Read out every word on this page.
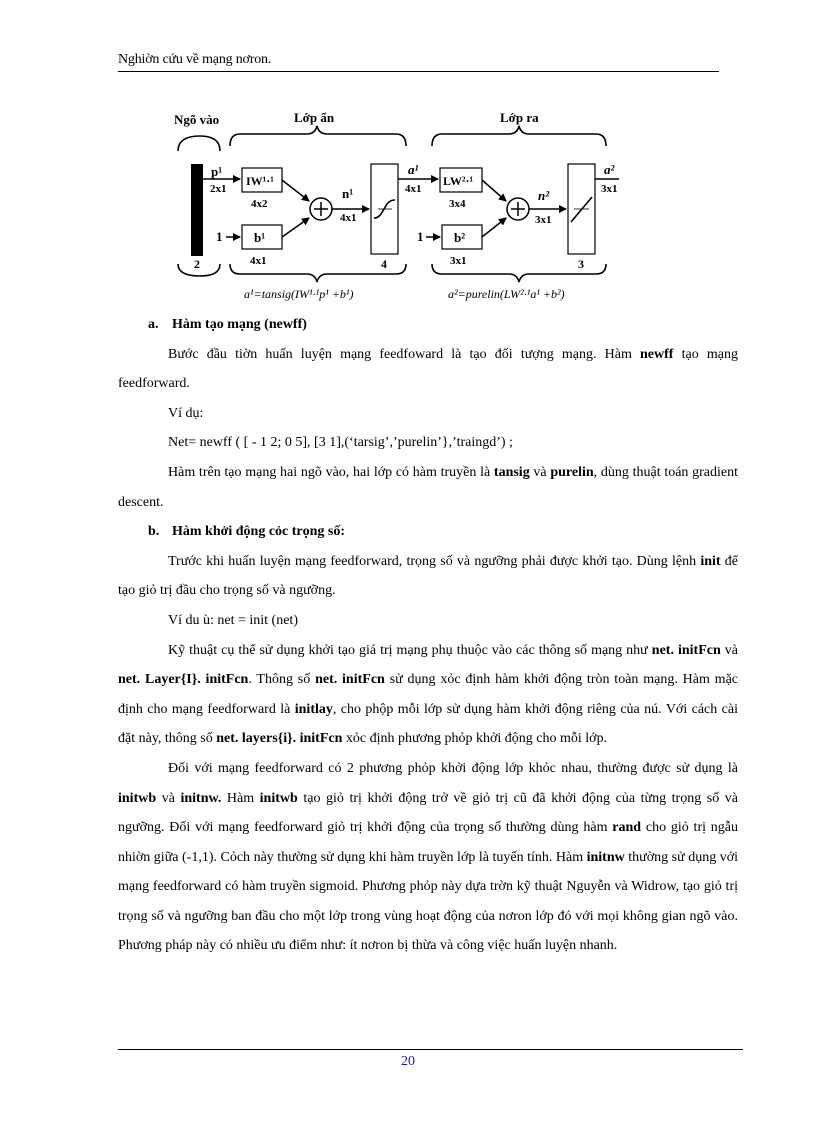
Nghiờn cứu về mạng nơron.
Ngõ vào	Lớp ẩn	Lớp ra
p¹
2x1
IW¹·¹
4x2
1 b¹
4x1
n¹
4x1
4
a¹
4x1
LW²·¹
3x4
1 b²
3x1
n²
3x1
3
a²
3x1
2
a¹=tansig(IW¹·¹p¹ +b¹)	a²=purelin(LW²·¹a¹ +b²)

a. Hàm tạo mạng (newff)

Bước đầu tiờn huấn luyện mạng feedfoward là tạo đối tượng mạng. Hàm newff tạo mạng feedforward.

Ví dụ:

Net= newff ( [ - 1 2; 0 5], [3 1],(‘tarsig’,’purelin’},’traingd’) ;

Hàm trên tạo mạng hai ngõ vào, hai lớp có hàm truyền là tansig và purelin, dùng thuật toán gradient descent.

b. Hàm khởi động cỏc trọng số:

Trước khi huấn luyện mạng feedforward, trọng số và ngưỡng phải được khởi tạo. Dùng lệnh init để tạo giỏ trị đầu cho trọng số và ngưỡng.

Ví du ù: net = init (net)

Kỹ thuật cụ thể sử dụng khởi tạo giá trị mạng phụ thuộc vào các thông số mạng như net. initFcn và net. Layer{I}. initFcn. Thông số net. initFcn sử dụng xỏc định hàm khởi động tròn toàn mạng. Hàm mặc định cho mạng feedforward là initlay, cho phộp mỗi lớp sử dụng hàm khởi động riêng của nú. Với cách cài đặt này, thông số net. layers{i}. initFcn xỏc định phương phỏp khởi động cho mỗi lớp.

Đối với mạng feedforward có 2 phương phỏp khởi động lớp khỏc nhau, thường được sử dụng là initwb và initnw. Hàm initwb tạo giỏ trị khởi động trở về giỏ trị cũ đã khởi động của từng trọng số và ngưỡng. Đối với mạng feedforward giỏ trị khởi động của trọng số thường dùng hàm rand cho giỏ trị ngẫu nhiờn giữa (-1,1). Cỏch này thường sử dụng khi hàm truyền lớp là tuyến tính. Hàm initnw thường sử dụng với mạng feedforward có hàm truyền sigmoid. Phương phỏp này dựa trờn kỹ thuật Nguyễn và Widrow, tạo giỏ trị trọng số và ngưỡng ban đầu cho một lớp trong vùng hoạt động của nơron lớp đó với mọi không gian ngõ vào. Phương pháp này có nhiều ưu điểm như: ít nơron bị thừa và công việc huấn luyện nhanh.

20
